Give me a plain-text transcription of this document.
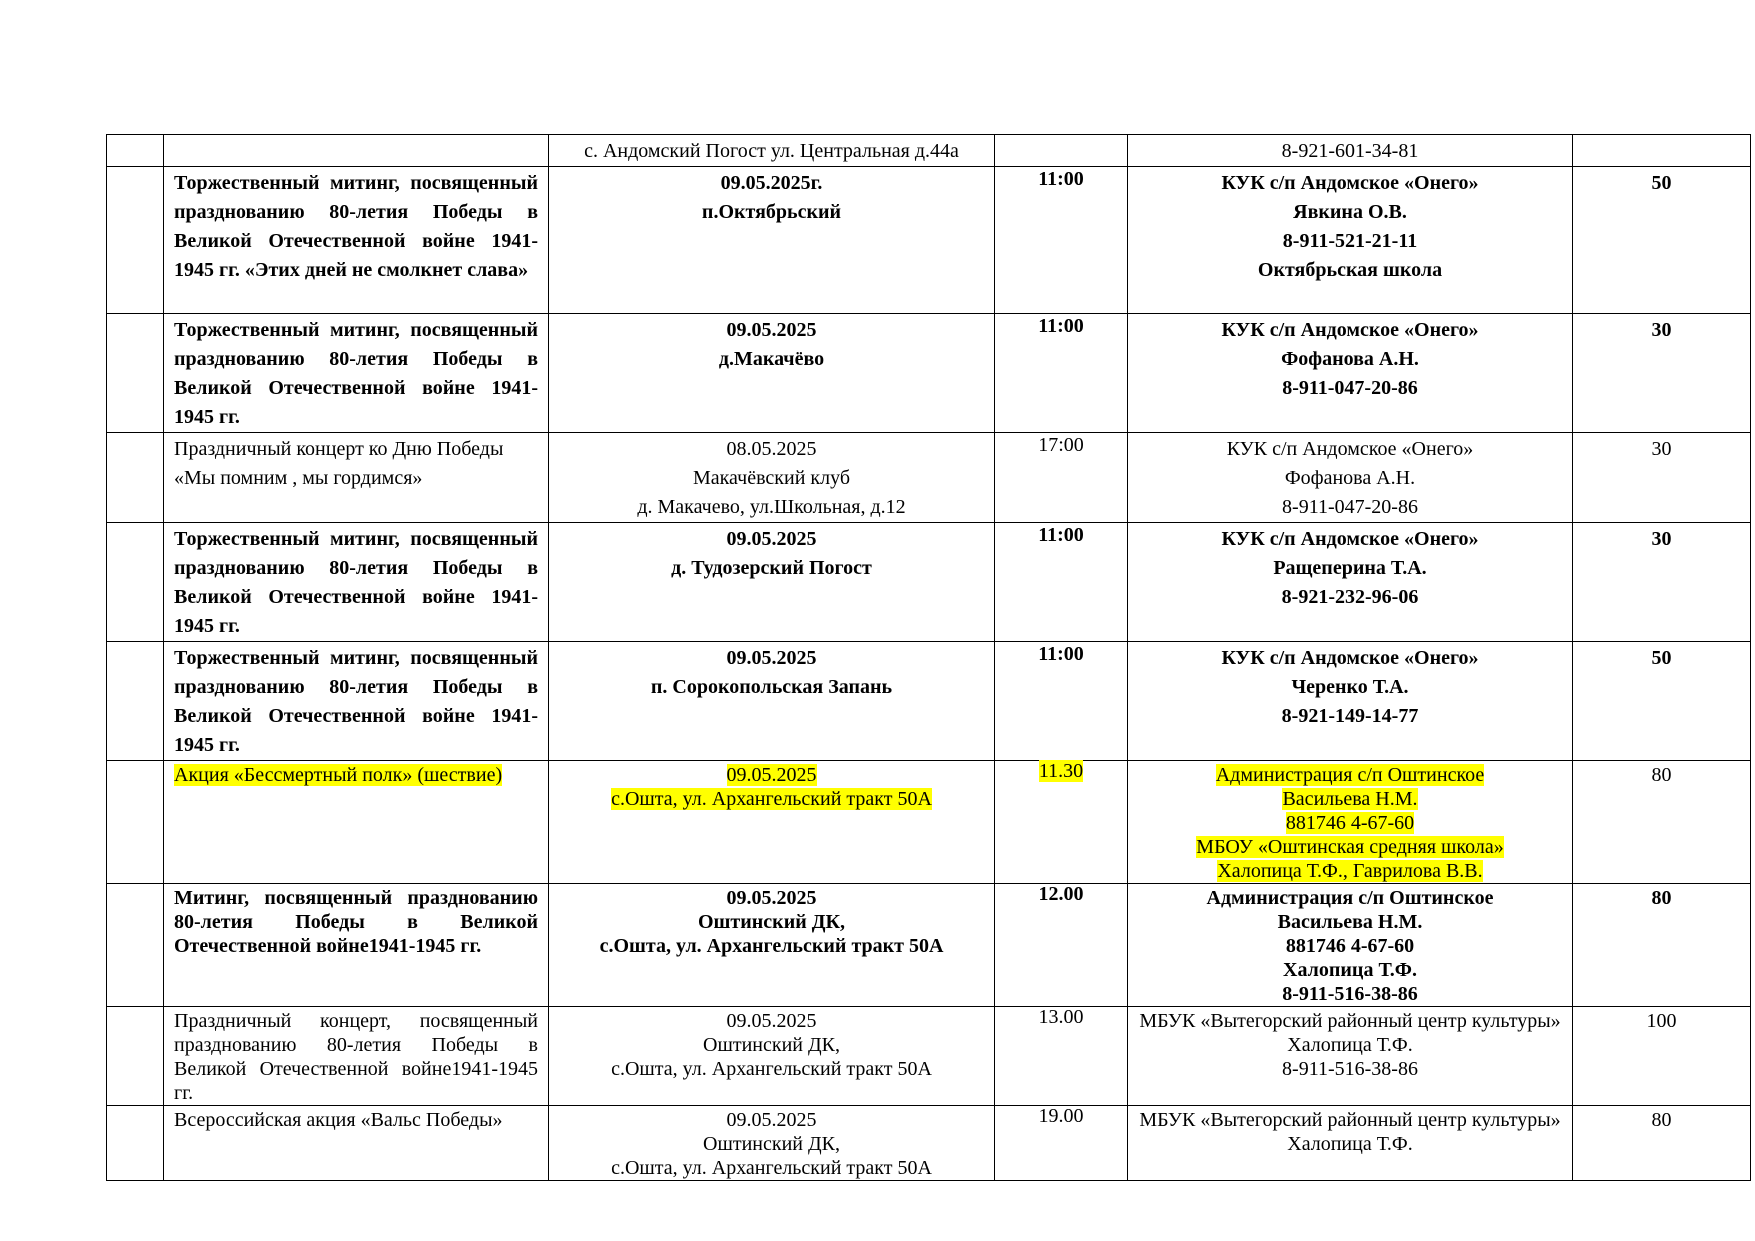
		с. Андомский Погост ул. Центральная д.44а		8-921-601-34-81	

	Торжественный митинг, посвященный празднованию 80-летия Победы в Великой Отечественной войне 1941-1945 гг. «Этих дней не смолкнет слава»	09.05.2025г.
п.Октябрьский	11:00	КУК с/п Андомское «Онего»
Явкина О.В.
8-911-521-21-11
Октябрьская школа	50

	Торжественный митинг, посвященный празднованию 80-летия Победы в Великой Отечественной войне 1941-1945 гг.	09.05.2025
д.Макачёво	11:00	КУК с/п Андомское «Онего»
Фофанова А.Н.
8-911-047-20-86	30

	Праздничный концерт ко Дню Победы
«Мы помним , мы гордимся»	08.05.2025
Макачёвский клуб
д. Макачево, ул.Школьная, д.12	17:00	КУК с/п Андомское «Онего»
Фофанова А.Н.
8-911-047-20-86	30

	Торжественный митинг, посвященный празднованию 80-летия Победы в Великой Отечественной войне 1941-1945 гг.	09.05.2025
д. Тудозерский Погост	11:00	КУК с/п Андомское «Онего»
Ращеперина Т.А.
8-921-232-96-06	30

	Торжественный митинг, посвященный празднованию 80-летия Победы в Великой Отечественной войне 1941-1945 гг.	09.05.2025
п. Сорокопольская Запань	11:00	КУК с/п Андомское «Онего»
Черенко Т.А.
8-921-149-14-77	50

	Акция «Бессмертный полк» (шествие)	09.05.2025
с.Ошта, ул. Архангельский тракт 50А	11.30	Администрация с/п Оштинское
Васильева Н.М.
881746 4-67-60
МБОУ «Оштинская средняя школа»
Халопица Т.Ф., Гаврилова В.В.	80

	Митинг, посвященный празднованию 80-летия Победы в Великой Отечественной войне1941-1945 гг.	09.05.2025
Оштинский ДК,
с.Ошта, ул. Архангельский тракт 50А	12.00	Администрация с/п Оштинское
Васильева Н.М.
881746 4-67-60
Халопица Т.Ф.
8-911-516-38-86	80

	Праздничный концерт, посвященный празднованию 80-летия Победы в Великой Отечественной войне1941-1945 гг.	09.05.2025
Оштинский ДК,
с.Ошта, ул. Архангельский тракт 50А	13.00	МБУК «Вытегорский районный центр культуры»
Халопица Т.Ф.
8-911-516-38-86	100

	Всероссийская акция «Вальс Победы»	09.05.2025
Оштинский ДК,
с.Ошта, ул. Архангельский тракт 50А	19.00	МБУК «Вытегорский районный центр культуры»
Халопица Т.Ф.	80
